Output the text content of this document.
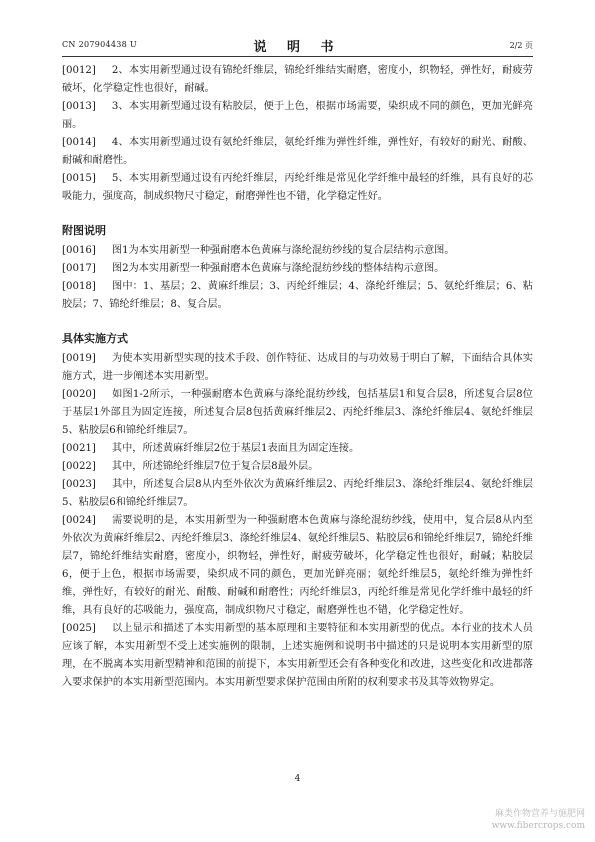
CN 207904438 U	说 明 书	2/2 页
[0012] 2、本实用新型通过设有锦纶纤维层，锦纶纤维结实耐磨，密度小，织物轻，弹性好，耐疲劳破坏，化学稳定性也很好，耐碱。
[0013] 3、本实用新型通过设有粘胶层，便于上色，根据市场需要，染织成不同的颜色，更加光鲜亮丽。
[0014] 4、本实用新型通过设有氨纶纤维层，氨纶纤维为弹性纤维，弹性好，有较好的耐光、耐酸、耐碱和耐磨性。
[0015] 5、本实用新型通过设有丙纶纤维层，丙纶纤维是常见化学纤维中最轻的纤维，具有良好的芯吸能力，强度高，制成织物尺寸稳定，耐磨弹性也不错，化学稳定性好。
附图说明
[0016] 图1为本实用新型一种强耐磨本色黄麻与涤纶混纺纱线的复合层结构示意图。
[0017] 图2为本实用新型一种强耐磨本色黄麻与涤纶混纺纱线的整体结构示意图。
[0018] 图中：1、基层；2、黄麻纤维层；3、丙纶纤维层；4、涤纶纤维层；5、氨纶纤维层；6、粘胶层；7、锦纶纤维层；8、复合层。
具体实施方式
[0019] 为使本实用新型实现的技术手段、创作特征、达成目的与功效易于明白了解，下面结合具体实施方式，进一步阐述本实用新型。
[0020] 如图1-2所示，一种强耐磨本色黄麻与涤纶混纺纱线，包括基层1和复合层8，所述复合层8位于基层1外部且为固定连接，所述复合层8包括黄麻纤维层2、丙纶纤维层3、涤纶纤维层4、氨纶纤维层5、粘胶层6和锦纶纤维层7。
[0021] 其中，所述黄麻纤维层2位于基层1表面且为固定连接。
[0022] 其中，所述锦纶纤维层7位于复合层8最外层。
[0023] 其中，所述复合层8从内至外依次为黄麻纤维层2、丙纶纤维层3、涤纶纤维层4、氨纶纤维层5、粘胶层6和锦纶纤维层7。
[0024] 需要说明的是，本实用新型为一种强耐磨本色黄麻与涤纶混纺纱线，使用中，复合层8从内至外依次为黄麻纤维层2、丙纶纤维层3、涤纶纤维层4、氨纶纤维层5、粘胶层6和锦纶纤维层7，锦纶纤维层7，锦纶纤维结实耐磨，密度小，织物轻，弹性好，耐疲劳破坏，化学稳定性也很好，耐碱；粘胶层6，便于上色，根据市场需要，染织成不同的颜色，更加光鲜亮丽；氨纶纤维层5，氨纶纤维为弹性纤维，弹性好，有较好的耐光、耐酸、耐碱和耐磨性；丙纶纤维层3，丙纶纤维是常见化学纤维中最轻的纤维，具有良好的芯吸能力，强度高，制成织物尺寸稳定，耐磨弹性也不错，化学稳定性好。
[0025] 以上显示和描述了本实用新型的基本原理和主要特征和本实用新型的优点。本行业的技术人员应该了解，本实用新型不受上述实施例的限制，上述实施例和说明书中描述的只是说明本实用新型的原理，在不脱离本实用新型精神和范围的前提下，本实用新型还会有各种变化和改进，这些变化和改进都落入要求保护的本实用新型范围内。本实用新型要求保护范围由所附的权利要求书及其等效物界定。
4
麻类作物营养与施肥网
www.fibercrops.com
